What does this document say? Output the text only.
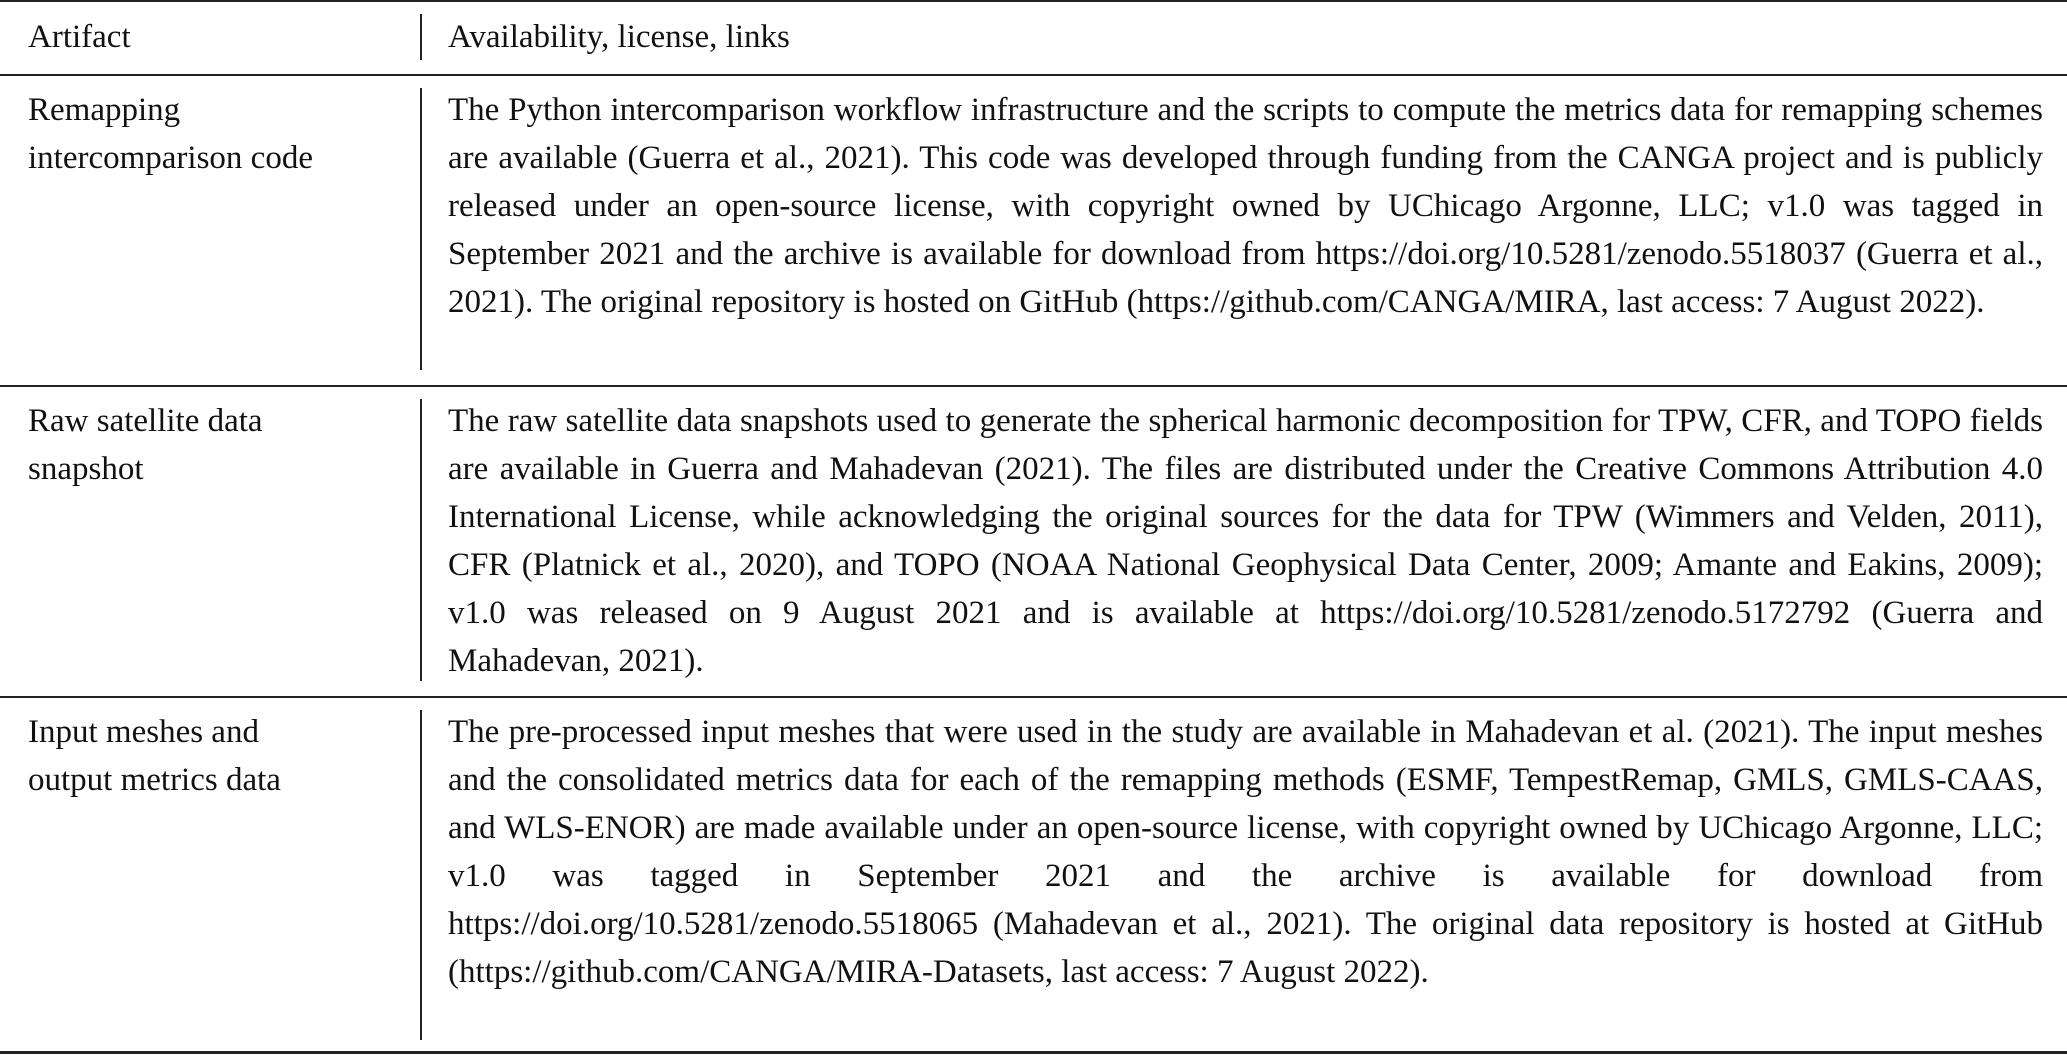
Artifact	Availability, license, links
Remapping
intercomparison code
The Python intercomparison workflow infrastructure and the scripts to compute the metrics data for remapping schemes are available (Guerra et al., 2021). This code was developed through funding from the CANGA project and is publicly released under an open-source license, with copyright owned by UChicago Argonne, LLC; v1.0 was tagged in September 2021 and the archive is available for download from https://doi.org/10.5281/zenodo.5518037 (Guerra et al., 2021). The original repository is hosted on GitHub (https://github.com/CANGA/MIRA, last access: 7 August 2022).
Raw satellite data
snapshot
The raw satellite data snapshots used to generate the spherical harmonic decomposition for TPW, CFR, and TOPO fields are available in Guerra and Mahadevan (2021). The files are distributed under the Creative Commons Attribution 4.0 International License, while acknowledging the original sources for the data for TPW (Wimmers and Velden, 2011), CFR (Platnick et al., 2020), and TOPO (NOAA National Geophysical Data Center, 2009; Amante and Eakins, 2009); v1.0 was released on 9 August 2021 and is available at https://doi.org/10.5281/zenodo.5172792 (Guerra and Mahadevan, 2021).
Input meshes and
output metrics data
The pre-processed input meshes that were used in the study are available in Mahadevan et al. (2021). The input meshes and the consolidated metrics data for each of the remapping methods (ESMF, TempestRemap, GMLS, GMLS-CAAS, and WLS-ENOR) are made available under an open-source license, with copyright owned by UChicago Argonne, LLC; v1.0 was tagged in September 2021 and the archive is available for download from https://doi.org/10.5281/zenodo.5518065 (Mahadevan et al., 2021). The original data repository is hosted at GitHub (https://github.com/CANGA/MIRA-Datasets, last access: 7 August 2022).
